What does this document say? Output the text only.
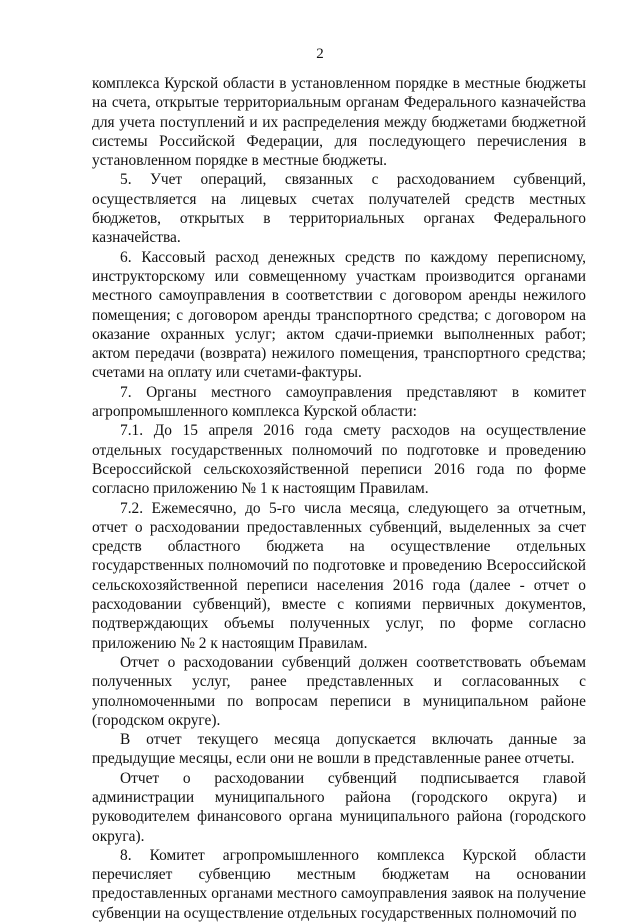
2

комплекса Курской области в установленном порядке в местные бюджеты на счета, открытые территориальным органам Федерального казначейства для учета поступлений и их распределения между бюджетами бюджетной системы Российской Федерации, для последующего перечисления в установленном порядке в местные бюджеты.

5. Учет операций, связанных с расходованием субвенций, осуществляется на лицевых счетах получателей средств местных бюджетов, открытых в территориальных органах Федерального казначейства.

6. Кассовый расход денежных средств по каждому переписному, инструкторскому или совмещенному участкам производится органами местного самоуправления в соответствии с договором аренды нежилого помещения; с договором аренды транспортного средства; с договором на оказание охранных услуг; актом сдачи-приемки выполненных работ; актом передачи (возврата) нежилого помещения, транспортного средства; счетами на оплату или счетами-фактуры.

7. Органы местного самоуправления представляют в комитет агропромышленного комплекса Курской области:

7.1. До 15 апреля 2016 года смету расходов на осуществление отдельных государственных полномочий по подготовке и проведению Всероссийской сельскохозяйственной переписи 2016 года по форме согласно приложению № 1 к настоящим Правилам.

7.2. Ежемесячно, до 5-го числа месяца, следующего за отчетным, отчет о расходовании предоставленных субвенций, выделенных за счет средств областного бюджета на осуществление отдельных государственных полномочий по подготовке и проведению Всероссийской сельскохозяйственной переписи населения 2016 года (далее - отчет о расходовании субвенций), вместе с копиями первичных документов, подтверждающих объемы полученных услуг, по форме согласно приложению № 2 к настоящим Правилам.

Отчет о расходовании субвенций должен соответствовать объемам полученных услуг, ранее представленных и согласованных с уполномоченными по вопросам переписи в муниципальном районе (городском округе).

В отчет текущего месяца допускается включать данные за предыдущие месяцы, если они не вошли в представленные ранее отчеты.

Отчет о расходовании субвенций подписывается главой администрации муниципального района (городского округа) и руководителем финансового органа муниципального района (городского округа).

8. Комитет агропромышленного комплекса Курской области перечисляет субвенцию местным бюджетам на основании предоставленных органами местного самоуправления заявок на получение субвенции на осуществление отдельных государственных полномочий по
